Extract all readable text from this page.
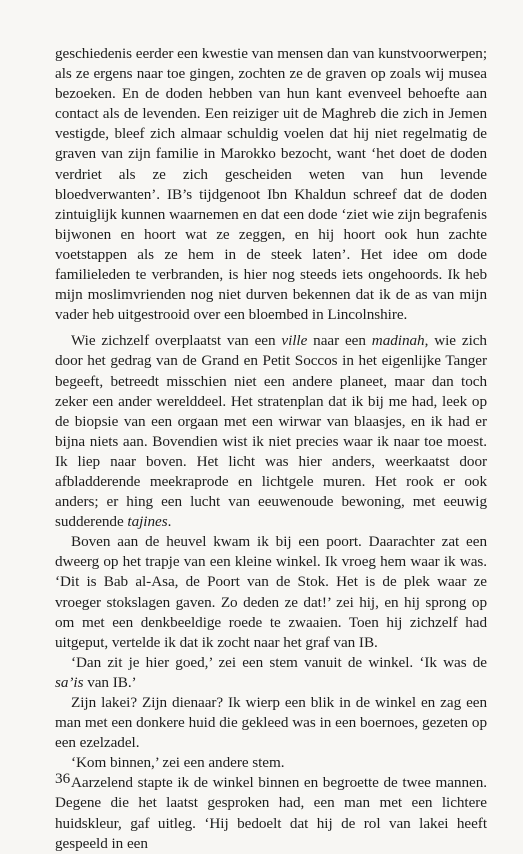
geschiedenis eerder een kwestie van mensen dan van kunstvoorwerpen; als ze ergens naar toe gingen, zochten ze de graven op zoals wij musea bezoeken. En de doden hebben van hun kant evenveel behoefte aan contact als de levenden. Een reiziger uit de Maghreb die zich in Jemen vestigde, bleef zich almaar schuldig voelen dat hij niet regelmatig de graven van zijn familie in Marokko bezocht, want ‘het doet de doden verdriet als ze zich gescheiden weten van hun levende bloedverwanten’. IB’s tijdgenoot Ibn Khaldun schreef dat de doden zintuiglijk kunnen waarnemen en dat een dode ‘ziet wie zijn begrafenis bijwonen en hoort wat ze zeggen, en hij hoort ook hun zachte voetstappen als ze hem in de steek laten’. Het idee om dode familieleden te verbranden, is hier nog steeds iets ongehoords. Ik heb mijn moslimvrienden nog niet durven bekennen dat ik de as van mijn vader heb uitgestrooid over een bloembed in Lincolnshire.

Wie zichzelf overplaatst van een ville naar een madinah, wie zich door het gedrag van de Grand en Petit Soccos in het eigenlijke Tanger begeeft, betreedt misschien niet een andere planeet, maar dan toch zeker een ander werelddeel. Het stratenplan dat ik bij me had, leek op de biopsie van een orgaan met een wirwar van blaasjes, en ik had er bijna niets aan. Bovendien wist ik niet precies waar ik naar toe moest. Ik liep naar boven. Het licht was hier anders, weerkaatst door afbladderende meekraprode en lichtgele muren. Het rook er ook anders; er hing een lucht van eeuwenoude bewoning, met eeuwig sudderende tajines.

Boven aan de heuvel kwam ik bij een poort. Daarachter zat een dweerg op het trapje van een kleine winkel. Ik vroeg hem waar ik was. ‘Dit is Bab al-Asa, de Poort van de Stok. Het is de plek waar ze vroeger stokslagen gaven. Zo deden ze dat!’ zei hij, en hij sprong op om met een denkbeeldige roede te zwaaien. Toen hij zichzelf had uitgeput, vertelde ik dat ik zocht naar het graf van IB.

‘Dan zit je hier goed,’ zei een stem vanuit de winkel. ‘Ik was de sa’is van IB.’

Zijn lakei? Zijn dienaar? Ik wierp een blik in de winkel en zag een man met een donkere huid die gekleed was in een boernoes, gezeten op een ezelzadel.

‘Kom binnen,’ zei een andere stem.

Aarzelend stapte ik de winkel binnen en begroette de twee mannen. Degene die het laatst gesproken had, een man met een lichtere huidskleur, gaf uitleg. ‘Hij bedoelt dat hij de rol van lakei heeft gespeeld in een

36
